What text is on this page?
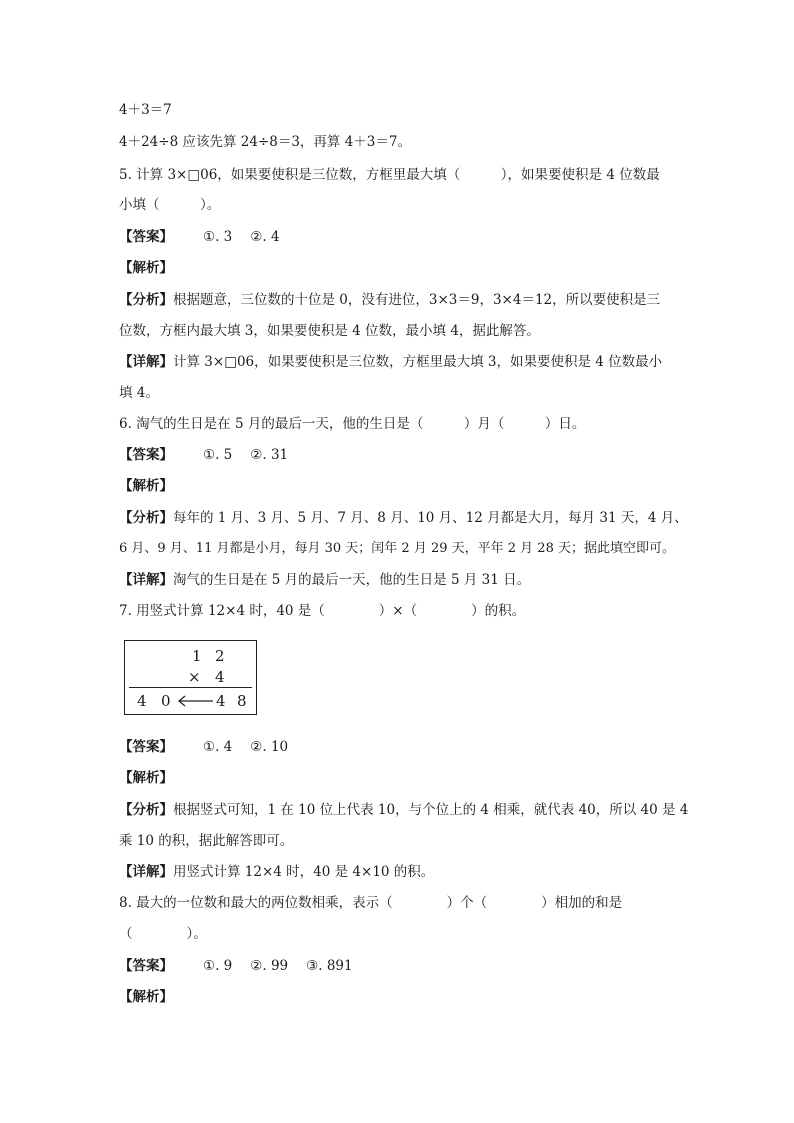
4＋3＝7
4＋24÷8 应该先算 24÷8＝3，再算 4＋3＝7。
5. 计算 3×□06，如果要使积是三位数，方框里最大填（　　　），如果要使积是 4 位数最
小填（　　　）。
【答案】 ①. 3 ②. 4
【解析】
【分析】根据题意，三位数的十位是 0，没有进位，3×3＝9，3×4＝12，所以要使积是三
位数，方框内最大填 3，如果要使积是 4 位数，最小填 4，据此解答。
【详解】计算 3×□06，如果要使积是三位数，方框里最大填 3，如果要使积是 4 位数最小
填 4。
6. 淘气的生日是在 5 月的最后一天，他的生日是（　　　）月（　　　）日。
【答案】 ①. 5 ②. 31
【解析】
【分析】每年的 1 月、3 月、5 月、7 月、8 月、10 月、12 月都是大月，每月 31 天，4 月、
6 月、9 月、11 月都是小月，每月 30 天；闰年 2 月 29 天，平年 2 月 28 天；据此填空即可。
【详解】淘气的生日是在 5 月的最后一天，他的生日是 5 月 31 日。
7. 用竖式计算 12×4 时，40 是（　　　　）×（　　　　）的积。
1 2
× 4
4 0	4 8
【答案】 ①. 4 ②. 10
【解析】
【分析】根据竖式可知，1 在 10 位上代表 10，与个位上的 4 相乘，就代表 40，所以 40 是 4
乘 10 的积，据此解答即可。
【详解】用竖式计算 12×4 时，40 是 4×10 的积。
8. 最大的一位数和最大的两位数相乘，表示（　　　　）个（　　　　）相加的和是
（　　　　）。
【答案】 ①. 9 ②. 99 ③. 891
【解析】
